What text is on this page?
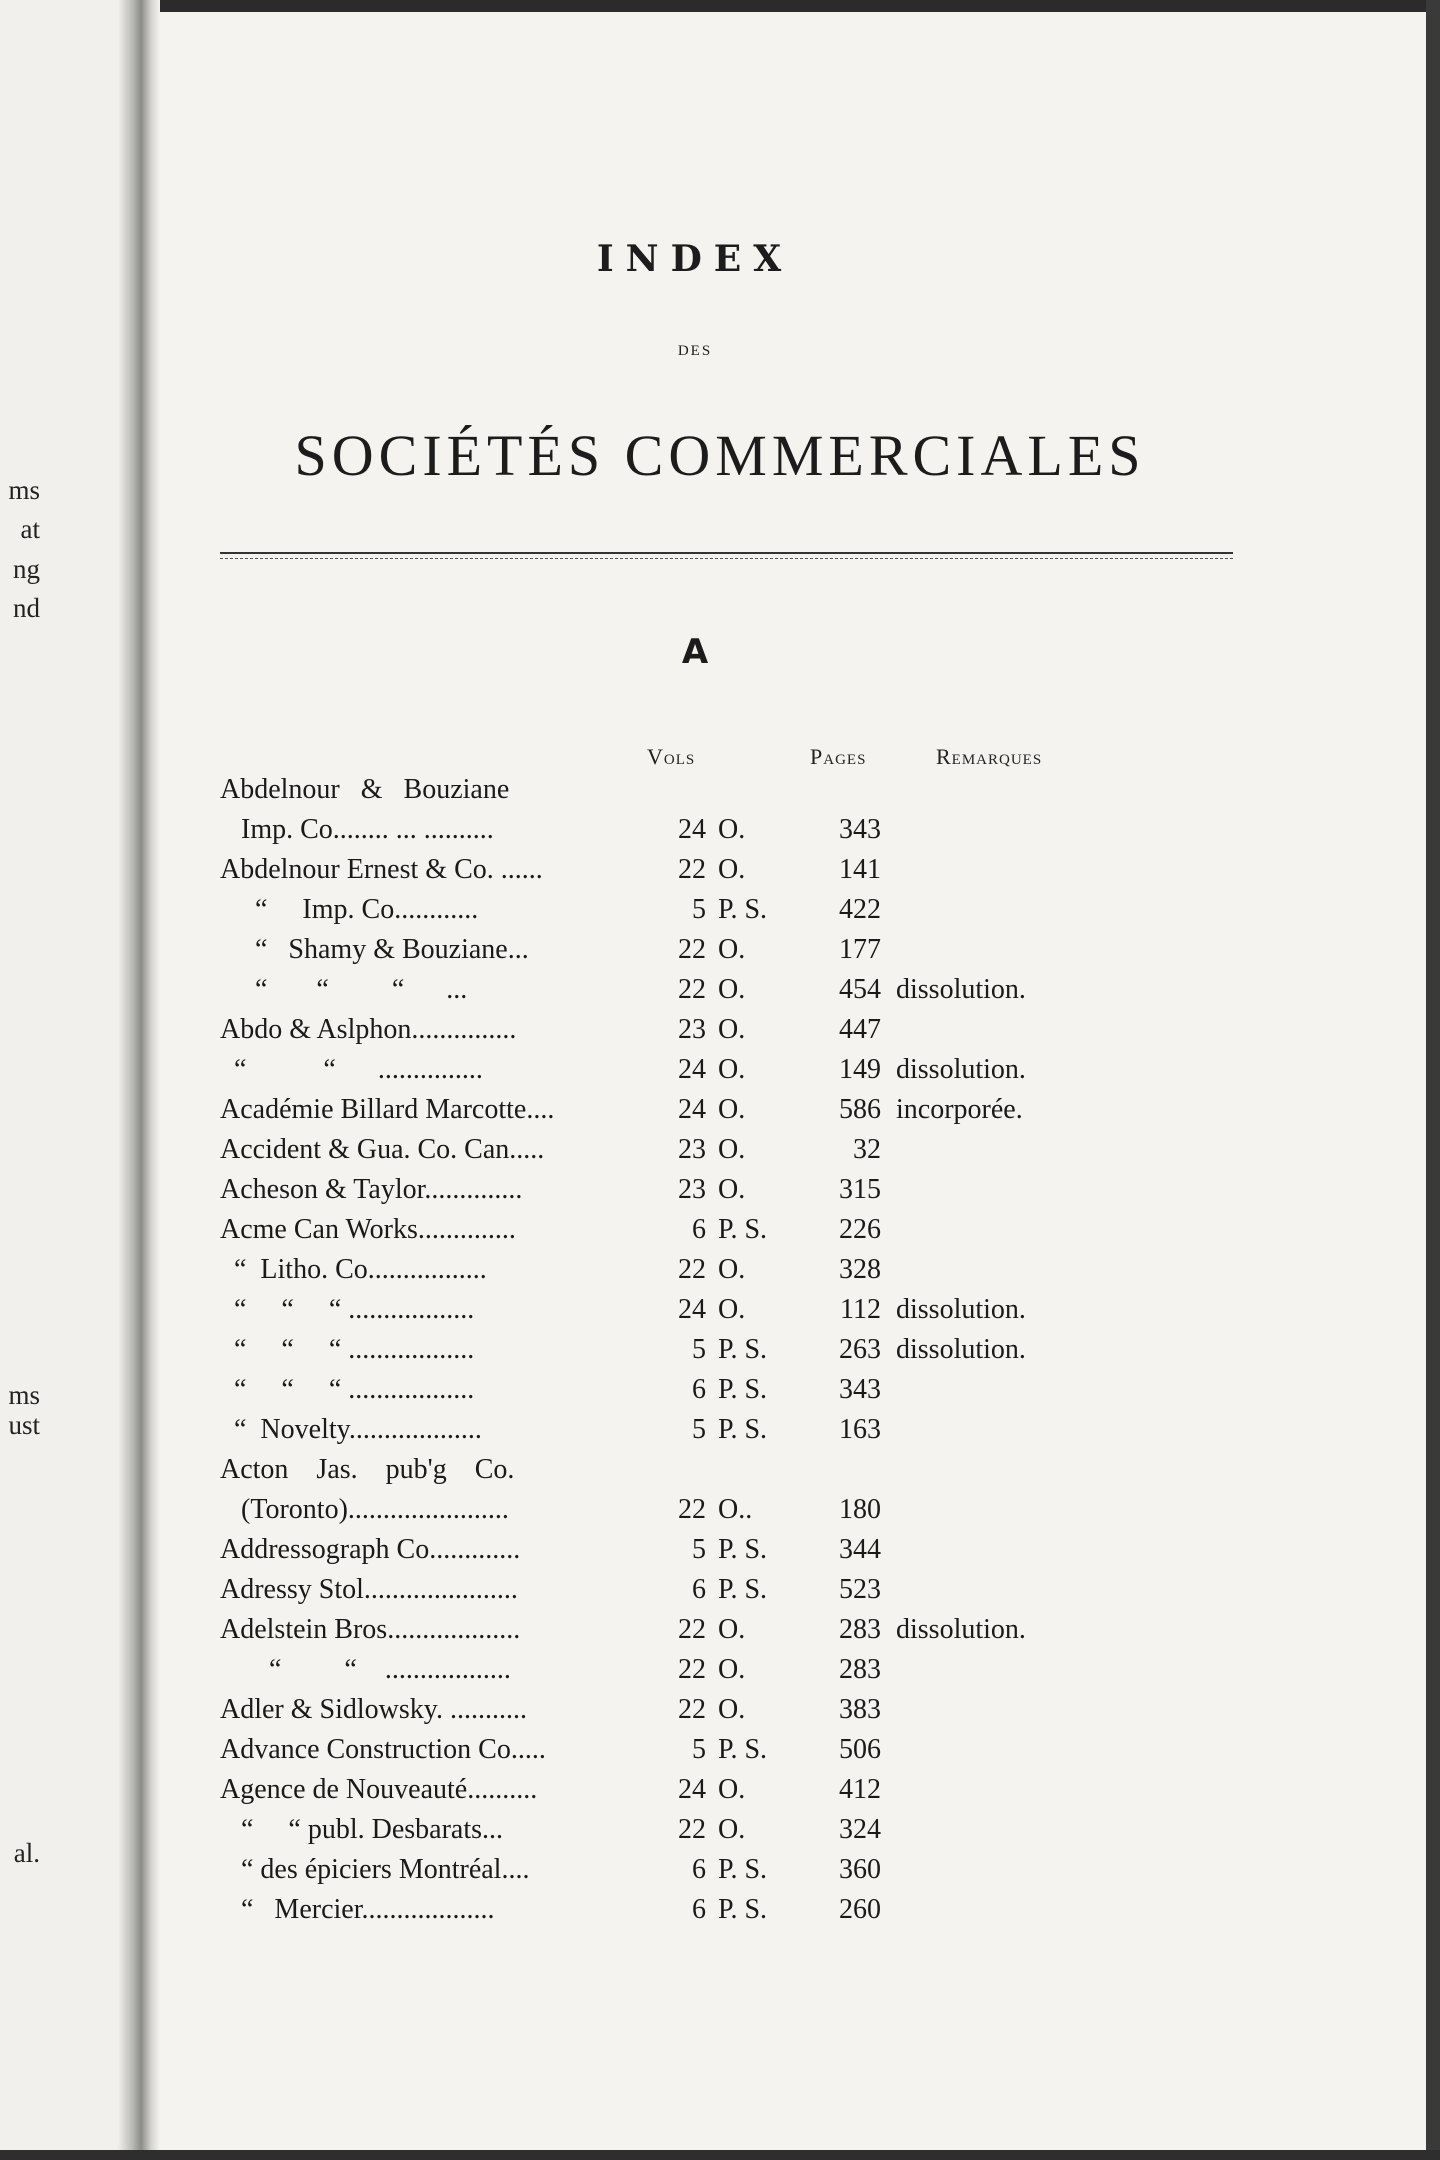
ms
at
ng
nd
ms
ust
al.
INDEX
DES
SOCIÉTÉS COMMERCIALES
A
Vols	Pages	Remarques
Abdelnour   &   Bouziane
Imp. Co........ ... ..........	24 O.	343
Abdelnour Ernest & Co. ......	22 O.	141
“     Imp. Co............	5 P. S.	422
“   Shamy & Bouziane...	22 O.	177
“       “         “      ...	22 O.	454 dissolution.
Abdo & Aslphon...............	23 O.	447
“           “      ...............	24 O.	149 dissolution.
Académie Billard Marcotte....	24 O.	586 incorporée.
Accident & Gua. Co. Can.....	23 O.	32
Acheson & Taylor..............	23 O.	315
Acme Can Works..............	6 P. S.	226
“  Litho. Co.................	22 O.	328
“     “     “ ..................	24 O.	112 dissolution.
“     “     “ ..................	5 P. S.	263 dissolution.
“     “     “ ..................	6 P. S.	343
“  Novelty...................	5 P. S.	163
Acton    Jas.    pub'g    Co.
(Toronto).......................	22 O..	180
Addressograph Co.............	5 P. S.	344
Adressy Stol......................	6 P. S.	523
Adelstein Bros...................	22 O.	283 dissolution.
“         “    ..................	22 O.	283
Adler & Sidlowsky. ...........	22 O.	383
Advance Construction Co.....	5 P. S.	506
Agence de Nouveauté..........	24 O.	412
“     “ publ. Desbarats...	22 O.	324
“ des épiciers Montréal....	6 P. S.	360
“   Mercier...................	6 P. S.	260
